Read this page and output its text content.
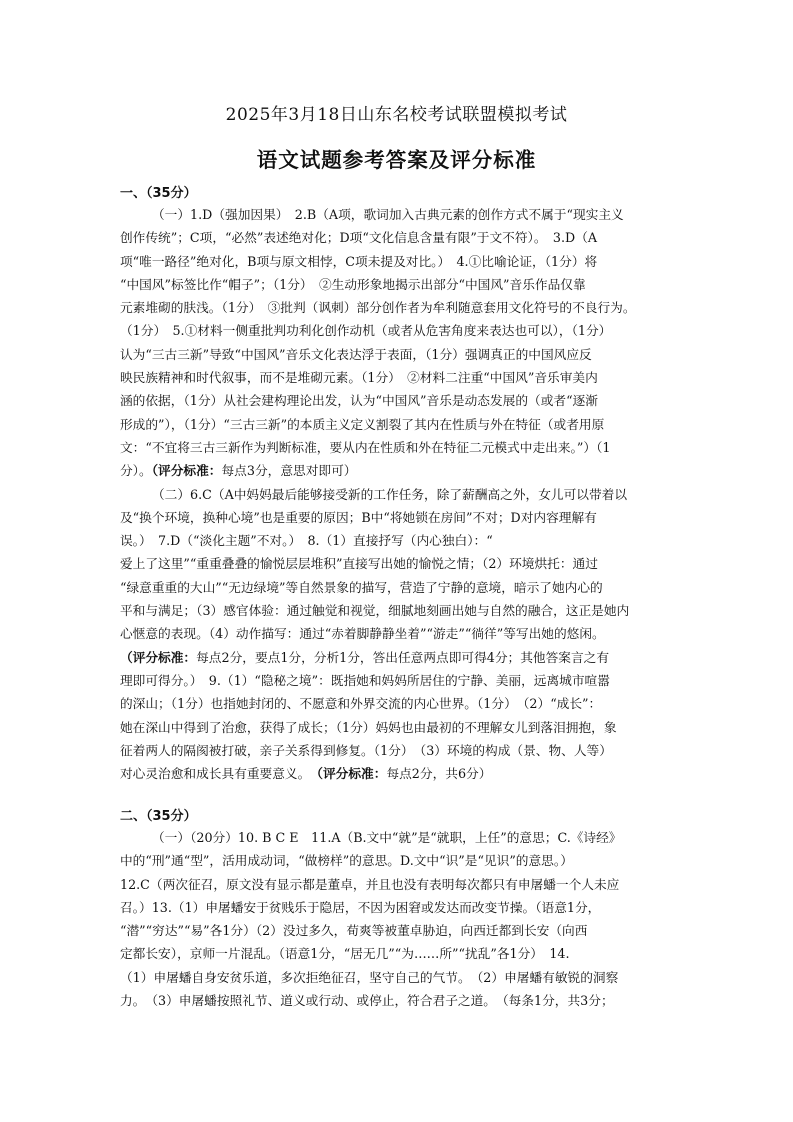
2025年3月18日山东名校考试联盟模拟考试
语文试题参考答案及评分标准
一、（35分）
（一）1.D（强加因果）　2.B（A项，歌词加入古典元素的创作方式不属于“现实主义
创作传统”；C项，“必然”表述绝对化；D项“文化信息含量有限”于文不符）。　3.D（A
项“唯一路径”绝对化，B项与原文相悖，C项未提及对比。）　4.①比喻论证，（1分）将
“中国风”标签比作“帽子”；（1分）　②生动形象地揭示出部分“中国风”音乐作品仅靠
元素堆砌的肤浅。（1分）　③批判（讽刺）部分创作者为牟利随意套用文化符号的不良行为。
（1分）　5.①材料一侧重批判功利化创作动机（或者从危害角度来表达也可以），（1分）
认为“三古三新”导致“中国风”音乐文化表达浮于表面，（1分）强调真正的中国风应反
映民族精神和时代叙事，而不是堆砌元素。（1分）　②材料二注重“中国风”音乐审美内
涵的依据，（1分）从社会建构理论出发，认为“中国风”音乐是动态发展的（或者“逐渐
形成的”），（1分）“三古三新”的本质主义定义割裂了其内在性质与外在特征（或者用原
文：“不宜将三古三新作为判断标准，要从内在性质和外在特征二元模式中走出来。”）（1
分）。（评分标准：每点3分，意思对即可）
（二）6.C（A中妈妈最后能够接受新的工作任务，除了薪酬高之外，女儿可以带着以
及“换个环境，换种心境”也是重要的原因；B中“将她锁在房间”不对；D对内容理解有
误。）　7.D（“淡化主题”不对。）　8.（1）直接抒写（内心独白）：“
爱上了这里”“重重叠叠的愉悦层层堆积”直接写出她的愉悦之情；（2）环境烘托：通过
“绿意重重的大山”“无边绿境”等自然景象的描写，营造了宁静的意境，暗示了她内心的
平和与满足；（3）感官体验：通过触觉和视觉，细腻地刻画出她与自然的融合，这正是她内
心惬意的表现。（4）动作描写：通过“赤着脚静静坐着”“游走”“徜徉”等写出她的悠闲。
（评分标准：每点2分，要点1分，分析1分，答出任意两点即可得4分；其他答案言之有
理即可得分。）　9.（1）“隐秘之境”：既指她和妈妈所居住的宁静、美丽，远离城市喧嚣
的深山；（1分）也指她封闭的、不愿意和外界交流的内心世界。（1分）　（2）“成长”：
她在深山中得到了治愈，获得了成长；（1分）妈妈也由最初的不理解女儿到落泪拥抱，象
征着两人的隔阂被打破，亲子关系得到修复。（1分）　（3）环境的构成（景、物、人等）
对心灵治愈和成长具有重要意义。　（评分标准：每点2分，共6分）
二、（35分）
（一）（20分）10. B C E　11.A（B.文中“就”是“就职，上任”的意思；C.《诗经》
中的“刑”通“型”，活用成动词，“做榜样”的意思。D.文中“识”是“见识”的意思。）
12.C（两次征召，原文没有显示都是董卓，并且也没有表明每次都只有申屠蟠一个人未应
召。）13.（1）申屠蟠安于贫贱乐于隐居，不因为困窘或发达而改变节操。（语意1分，
“潜”“穷达”“易”各1分）（2）没过多久，荀爽等被董卓胁迫，向西迁都到长安（向西
定都长安），京师一片混乱。（语意1分，“居无几”“为……所”“扰乱”各1分）　14.
（1）申屠蟠自身安贫乐道，多次拒绝征召，坚守自己的气节。　（2）申屠蟠有敏锐的洞察
力。　（3）申屠蟠按照礼节、道义或行动、或停止，符合君子之道。　（每条1分，共3分；
